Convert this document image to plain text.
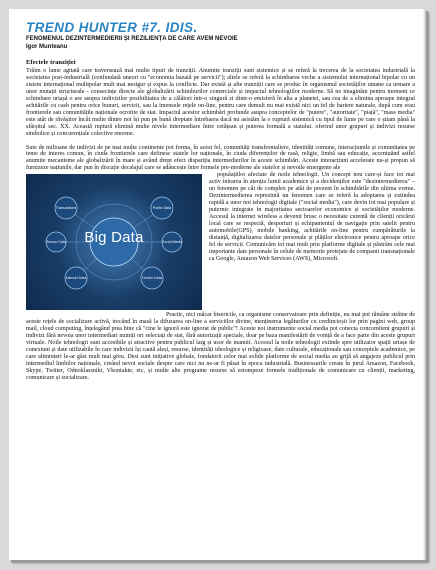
TREND HUNTER #7. IDIS.
FENOMENUL DEZINTERMEDIERII ȘI REZILIENȚA DE CARE AVEM NEVOIE
Igor Munteanu
Efectele tranziției

Trăim o lume agitată care traversează mai multe tipuri de tranziții. Anumite tranziții sunt sistemice și se referă la trecerea de la societatea industrială la societatea post-industrială (confundată uneori cu "economia bazată pe servicii"); altele se referă la schimbarea veche a sistemului internațional bipolar cu un sistem internațional multipolar mult mai nesigur și expus la conflicte. Dar există și alte tranziții care se produc în organismul societăților umane ca urmare a unor mutații structurale - consecințe directe ale globalizării schimburilor comerciale și impactul tehnologiilor moderne. Să ne imaginăm pentru moment ce schimbare uriașă o are asupra indivizilor posibilitatea de a călători într-o singură zi dintr-o emisferă în alta a planetei, sau cea de a elimina aproape integral achitările cu cash pentru orice bunuri, servicii, sau la imensele rețele on-line, pentru care demult nu mai există nici un fel de bariere naturale, după cum erau frontierele sau comunitățile naționale ocrotite de stat. Impactul acestor schimbări profunde asupra conceptelor de "putere", "autoritate", "piață", "mass media" este atât de răvășitor încât multe dintre noi își pun pe bună dreptate întrebarea dacă nu asistăm la o ruptură sistemică cu tipul de lume pe care o știam până la sfârșitul sec. XX. Această ruptură elimină multe nivele intermediare între cetățean și puterea formală a statului. oferind unor grupuri și indivizi resurse simbolice și concurențiale colective enorme.

Sute de milioane de indivizi de pe mai multe continente pot forma, în acest fel, comunități transfrontaliere, identități comune, interacțiunile și comunitatea pe teme de interes comun, în ciuda frontierele care definesc statele lor naționale, în ciuda diferențelor de rasă, religie, limbă sau educație, accentuând astfel anumite mecanisme ale globalizării în mare și având drept efect dispariția intermedierilor în aceste schimbări. Aceste interacțiuni accelerate nu-și propun să furnizeze națiunile, dar pun în discuție decalajul care se adâncește între formele pre-moderne ale statelor și nevoile emergente ale

Big Data
Transactions	Public Data
Sensor Data	Social Media
Internet Data	Device Data

populațiilor afectate de noile tehnologii. Un concept nou care-și face tot mai activ intrarea în atenția lumii academice și a decidenților este "dezintermedierea" – un fenomen pe cât de complex pe atât de prezent în schimbările din ultima vreme. Dezintermedierea reprezintă un fenomen care se referă la adoptarea și extindea rapidă a unor noi tehnologii digitale ("social media"), care devin tot mai populare și puternic integrate în majoritatea sectoarelor economice și societăților moderne. Accesul la internet wireless a devenit brusc o necesitate curentă de clienții oricărui local care se respectă, desporturi și echipamentul de navigație prin satelit pentru automobile(GPS), mobile banking, achitările on-line pentru cumpărăturile la distanță, digitalizarea datelor personale și plăților electronice pentru aproape orice fel de servicii. Comunicăm tot mai mult prin platforme digitale și păstrăm cele mai importante date personale în celule de memorie protejate de companii transnaționale ca Google, Amazon Web Services (AWS), Microsoft.

Practic, nici măcar bisericile, ca organisme conservatoare prin definiție, nu mai pot rămâne străine de aceste rețele de socializare activă, trecând în masă la difuzarea on-line a serviciilor divine, menținerea legăturilor cu credincioșii lor prin pagini web, group mail, cloud computing, înțelegând prea bine că "cine le ignoră este ignorat de public"! Aceste noi instrumente social media pot conecta concomitent grupuri și indivizi fără nevoia unor intermediari numiți ori selectați de stat, fără autorizații speciale, doar pe baza manifestării de voință de a face parte din aceste grupuri virtuale. Noile tehnologii sunt accesibile și atractive pentru publicul larg și usor de manuit. Accesul la noile tehnologii extinde spre utilizator spații uriașe de conexiuni și date utilizabile în care indivizii își caută aleși, resurse, identități ideologice și religioase, date culturale, educaționale sau conceptele academice, pe care altminteri le-ar găsi mult mai greu. Desi sunt inițiative globale, fondatorii celor mai solide platforme de social media au grijă să angajeze publicul prin intermediul limbilor naționale, creând nevoi sociale despre care nici nu ne-ar fi păsat în epoca industrială. Businessurile create în jurul Amazon, Facebook, Skype, Twitter, Odnoklassniki, Vkontakte, etc, și multe alte programe resurse să estompeze formele tradiționale de comunicare cu clienții, marketing, comunicare și socializare.
